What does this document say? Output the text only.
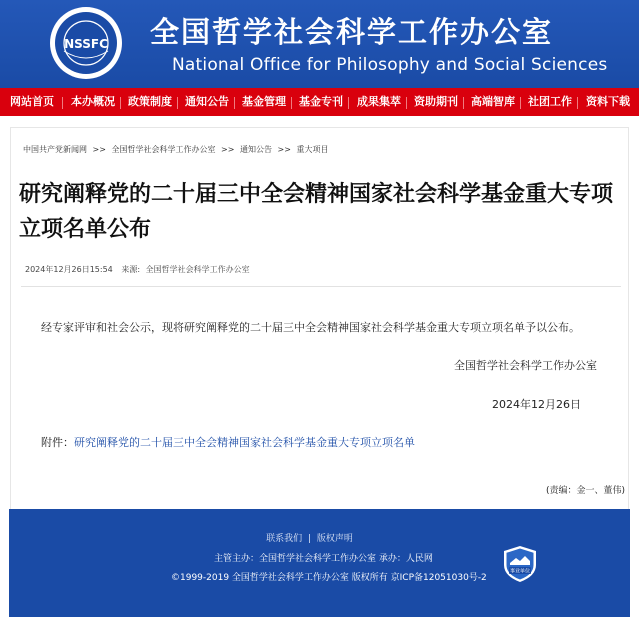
NSSFC 全国哲学社会科学工作办公室
National Office for Philosophy and Social Sciences
网站首页 本办概况 政策制度 通知公告 基金管理 基金专刊 成果集萃 资助期刊 高端智库 社团工作 资料下载
中国共产党新闻网 >> 全国哲学社会科学工作办公室 >> 通知公告 >> 重大项目
研究阐释党的二十届三中全会精神国家社会科学基金重大专项立项名单公布
2024年12月26日15:54 来源: 全国哲学社会科学工作办公室
经专家评审和社会公示，现将研究阐释党的二十届三中全会精神国家社会科学基金重大专项立项名单予以公布。
全国哲学社会科学工作办公室
2024年12月26日
附件：研究阐释党的二十届三中全会精神国家社会科学基金重大专项立项名单
(责编：金一、董伟)
联系我们 | 版权声明
主管主办：全国哲学社会科学工作办公室 承办：人民网
©1999-2019 全国哲学社会科学工作办公室 版权所有 京ICP备12051030号-2
事业单位
